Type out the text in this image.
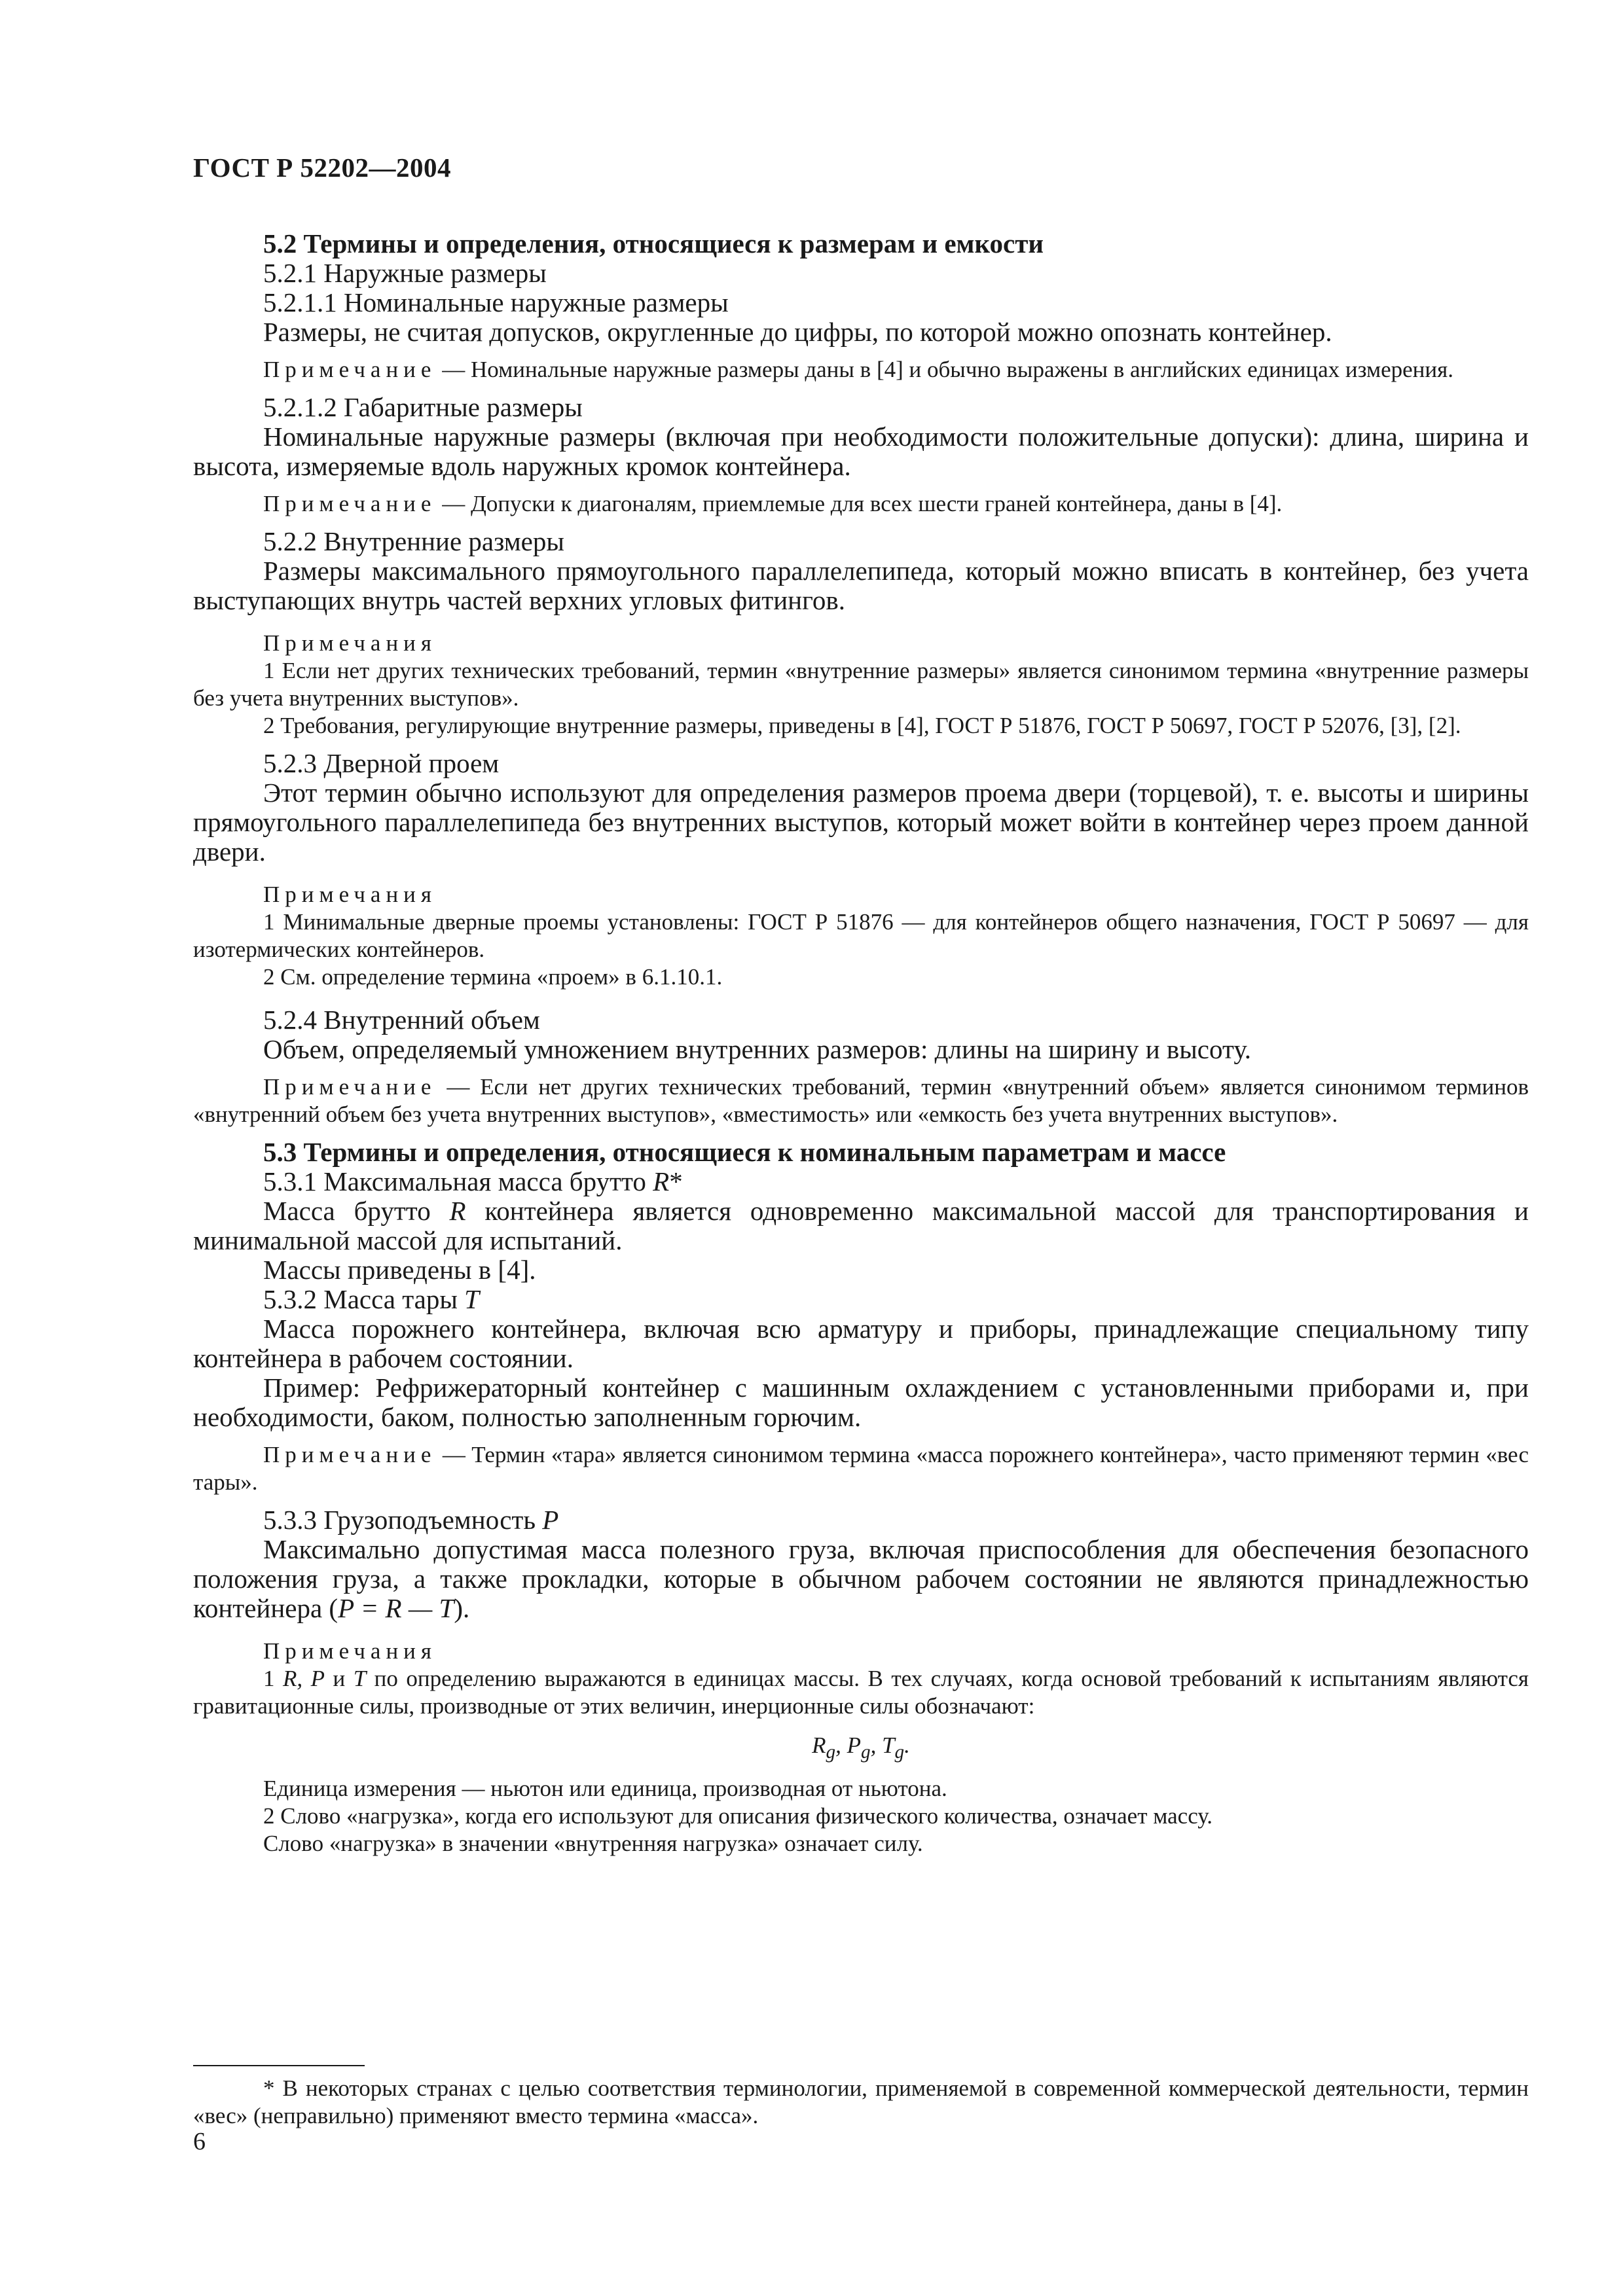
ГОСТ Р 52202—2004

5.2 Термины и определения, относящиеся к размерам и емкости

5.2.1 Наружные размеры

5.2.1.1 Номинальные наружные размеры

Размеры, не считая допусков, округленные до цифры, по которой можно опознать контейнер.

Примечание — Номинальные наружные размеры даны в [4] и обычно выражены в английских единицах измерения.

5.2.1.2 Габаритные размеры

Номинальные наружные размеры (включая при необходимости положительные допуски): длина, ширина и высота, измеряемые вдоль наружных кромок контейнера.

Примечание — Допуски к диагоналям, приемлемые для всех шести граней контейнера, даны в [4].

5.2.2 Внутренние размеры

Размеры максимального прямоугольного параллелепипеда, который можно вписать в контейнер, без учета выступающих внутрь частей верхних угловых фитингов.

Примечания

1 Если нет других технических требований, термин «внутренние размеры» является синонимом термина «внутренние размеры без учета внутренних выступов».

2 Требования, регулирующие внутренние размеры, приведены в [4], ГОСТ Р 51876, ГОСТ Р 50697, ГОСТ Р 52076, [3], [2].

5.2.3 Дверной проем

Этот термин обычно используют для определения размеров проема двери (торцевой), т. е. высоты и ширины прямоугольного параллелепипеда без внутренних выступов, который может войти в контейнер через проем данной двери.

Примечания

1 Минимальные дверные проемы установлены: ГОСТ Р 51876 — для контейнеров общего назначения, ГОСТ Р 50697 — для изотермических контейнеров.

2 См. определение термина «проем» в 6.1.10.1.

5.2.4 Внутренний объем

Объем, определяемый умножением внутренних размеров: длины на ширину и высоту.

Примечание — Если нет других технических требований, термин «внутренний объем» является синонимом терминов «внутренний объем без учета внутренних выступов», «вместимость» или «емкость без учета внутренних выступов».

5.3 Термины и определения, относящиеся к номинальным параметрам и массе

5.3.1 Максимальная масса брутто R*

Масса брутто R контейнера является одновременно максимальной массой для транспортирования и минимальной массой для испытаний.

Массы приведены в [4].

5.3.2 Масса тары T

Масса порожнего контейнера, включая всю арматуру и приборы, принадлежащие специальному типу контейнера в рабочем состоянии.

Пример: Рефрижераторный контейнер с машинным охлаждением с установленными приборами и, при необходимости, баком, полностью заполненным горючим.

Примечание — Термин «тара» является синонимом термина «масса порожнего контейнера», часто применяют термин «вес тары».

5.3.3 Грузоподъемность P

Максимально допустимая масса полезного груза, включая приспособления для обеспечения безопасного положения груза, а также прокладки, которые в обычном рабочем состоянии не являются принадлежностью контейнера (P = R — T).

Примечания

1 R, P и T по определению выражаются в единицах массы. В тех случаях, когда основой требований к испытаниям являются гравитационные силы, производные от этих величин, инерционные силы обозначают:

$R_g$, $P_g$, $T_g$.

Единица измерения — ньютон или единица, производная от ньютона.

2 Слово «нагрузка», когда его используют для описания физического количества, означает массу.

Слово «нагрузка» в значении «внутренняя нагрузка» означает силу.

* В некоторых странах с целью соответствия терминологии, применяемой в современной коммерческой деятельности, термин «вес» (неправильно) применяют вместо термина «масса».

6
